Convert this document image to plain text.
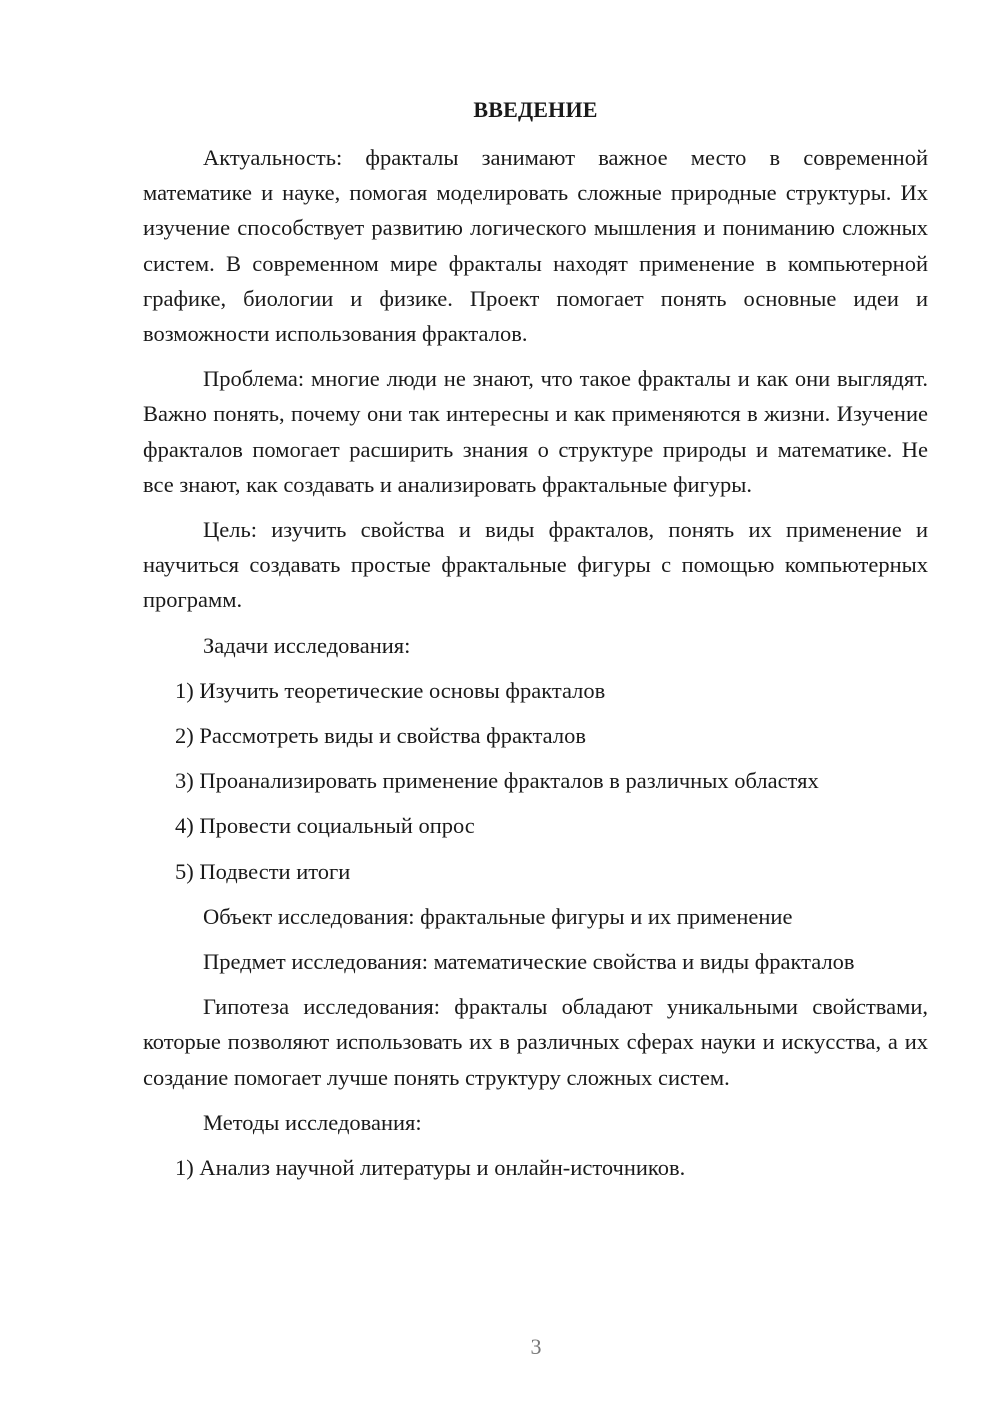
ВВЕДЕНИЕ

Актуальность: фракталы занимают важное место в современной математике и науке, помогая моделировать сложные природные структуры. Их изучение способствует развитию логического мышления и пониманию сложных систем. В современном мире фракталы находят применение в компьютерной графике, биологии и физике. Проект помогает понять основные идеи и возможности использования фракталов.

Проблема: многие люди не знают, что такое фракталы и как они выглядят. Важно понять, почему они так интересны и как применяются в жизни. Изучение фракталов помогает расширить знания о структуре природы и математике. Не все знают, как создавать и анализировать фрактальные фигуры.

Цель: изучить свойства и виды фракталов, понять их применение и научиться создавать простые фрактальные фигуры с помощью компьютерных программ.

Задачи исследования:
1) Изучить теоретические основы фракталов
2) Рассмотреть виды и свойства фракталов
3) Проанализировать применение фракталов в различных областях
4) Провести социальный опрос
5) Подвести итоги
Объект исследования: фрактальные фигуры и их применение
Предмет исследования: математические свойства и виды фракталов

Гипотеза исследования: фракталы обладают уникальными свойствами, которые позволяют использовать их в различных сферах науки и искусства, а их создание помогает лучше понять структуру сложных систем.

Методы исследования:
1) Анализ научной литературы и онлайн-источников.
3
